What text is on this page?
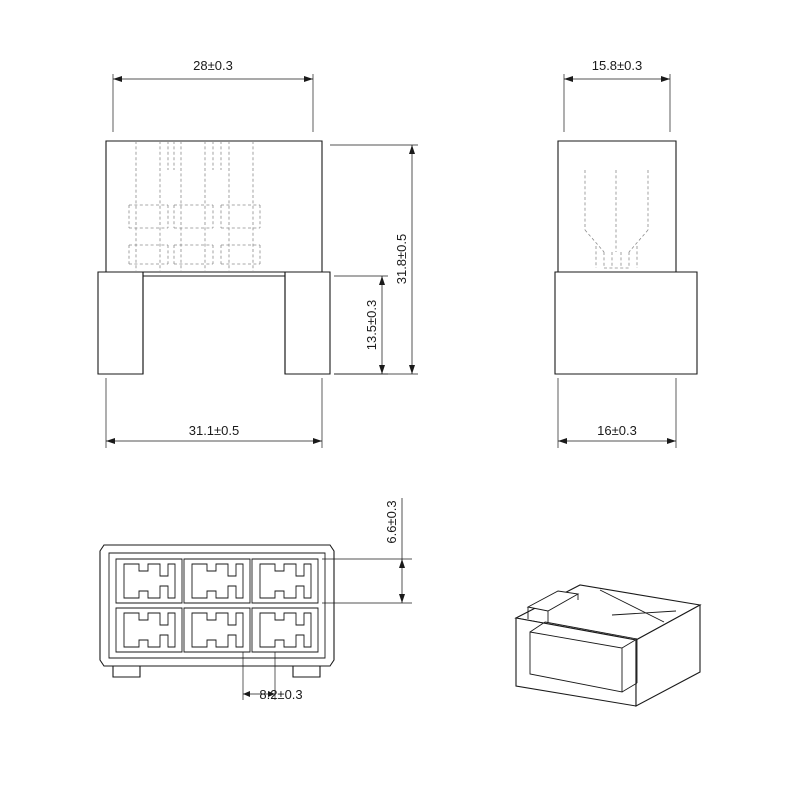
28±0.3
31.8±0.5
13.5±0.3
31.1±0.5
15.8±0.3
16±0.3
6.6±0.3
8.2±0.3
